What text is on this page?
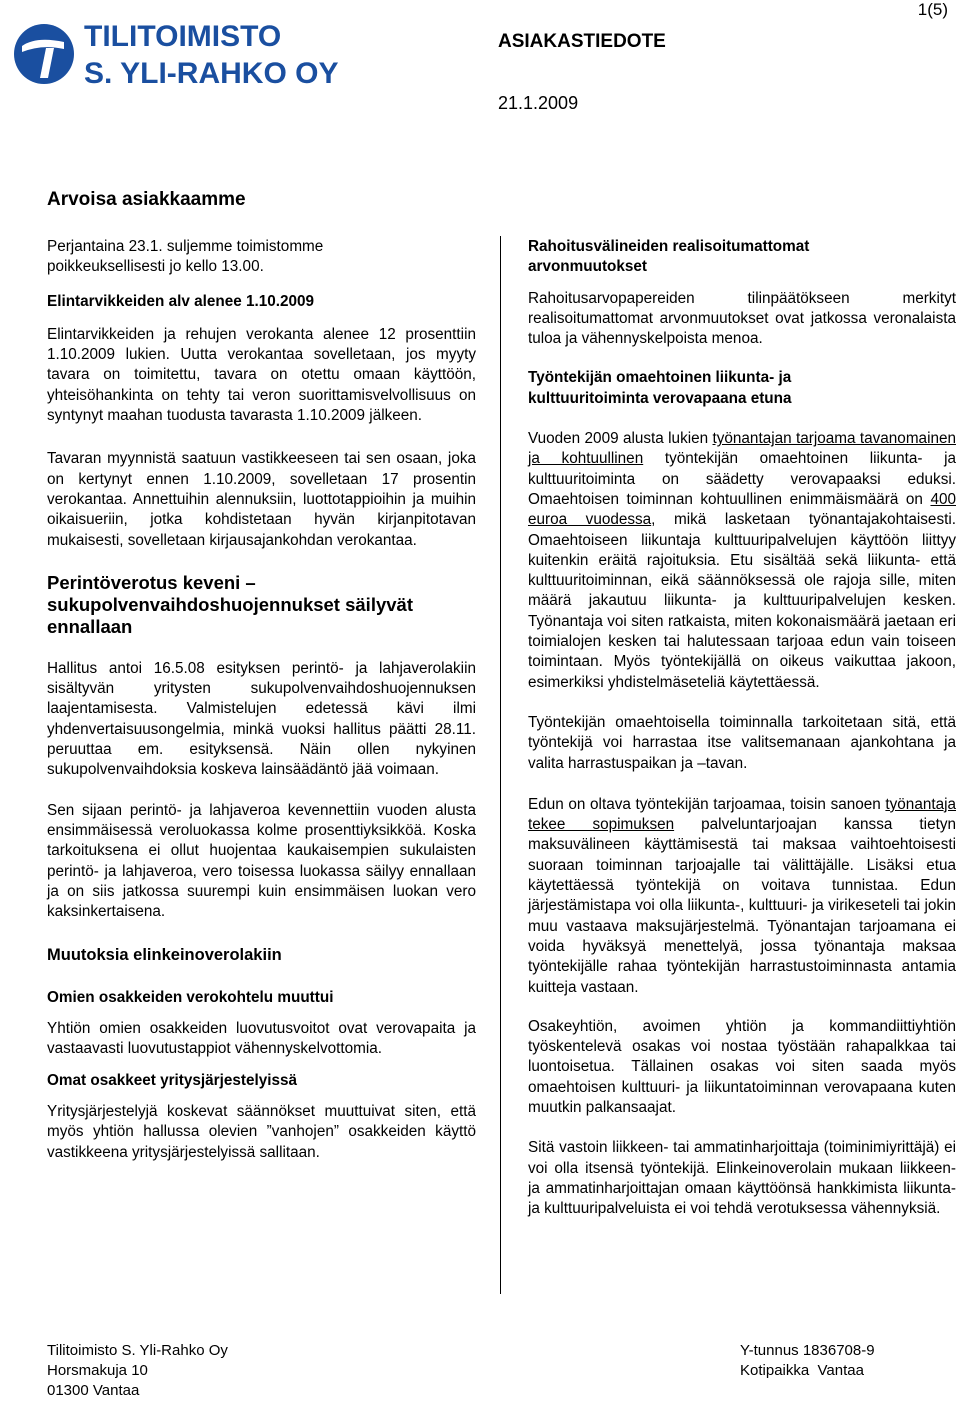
TILITOIMISTO
S. YLI-RAHKO OY
1(5)
ASIAKASTIEDOTE
21.1.2009
Arvoisa asiakkaamme

Perjantaina 23.1. suljemme toimistomme poikkeuksellisesti jo kello 13.00.

Elintarvikkeiden alv alenee 1.10.2009

Elintarvikkeiden ja rehujen verokanta alenee 12 prosenttiin 1.10.2009 lukien. Uutta verokantaa sovelletaan, jos myyty tavara on toimitettu, tavara on otettu omaan käyttöön, yhteisöhankinta on tehty tai veron suorittamisvelvollisuus on syntynyt maahan tuodusta tavarasta 1.10.2009 jälkeen.

Tavaran myynnistä saatuun vastikkeeseen tai sen osaan, joka on kertynyt ennen 1.10.2009, sovelletaan 17 prosentin verokantaa. Annettuihin alennuksiin, luottotappioihin ja muihin oikaisueriin, jotka kohdistetaan hyvän kirjanpitotavan mukaisesti, sovelletaan kirjausajankohdan verokantaa.

Perintöverotus keveni – sukupolvenvaihdoshuojennukset säilyvät ennallaan

Hallitus antoi 16.5.08 esityksen perintö- ja lahjaverolakiin sisältyvän yritysten sukupolvenvaihdoshuojennuksen laajentamisesta. Valmistelujen edetessä kävi ilmi yhdenvertaisuusongelmia, minkä vuoksi hallitus päätti 28.11. peruuttaa em. esityksensä. Näin ollen nykyinen sukupolvenvaihdoksia koskeva lainsäädäntö jää voimaan.

Sen sijaan perintö- ja lahjaveroa kevennettiin vuoden alusta ensimmäisessä veroluokassa kolme prosenttiyksikköä. Koska tarkoituksena ei ollut huojentaa kaukaisempien sukulaisten perintö- ja lahjaveroa, vero toisessa luokassa säilyy ennallaan ja on siis jatkossa suurempi kuin ensimmäisen luokan vero kaksinkertaisena.

Muutoksia elinkeinoverolakiin

Omien osakkeiden verokohtelu muuttui

Yhtiön omien osakkeiden luovutusvoitot ovat verovapaita ja vastaavasti luovutustappiot vähennyskelvottomia.

Omat osakkeet yritysjärjestelyissä

Yritysjärjestelyjä koskevat säännökset muuttuivat siten, että myös yhtiön hallussa olevien ”vanhojen” osakkeiden käyttö vastikkeena yritysjärjestelyissä sallitaan.

Rahoitusvälineiden realisoitumattomat arvonmuutokset

Rahoitusarvopapereiden tilinpäätökseen merkityt realisoitumattomat arvonmuutokset ovat jatkossa veronalaista tuloa ja vähennyskelpoista menoa.

Työntekijän omaehtoinen liikunta- ja kulttuuritoiminta verovapaana etuna

Vuoden 2009 alusta lukien työnantajan tarjoama tavanomainen ja kohtuullinen työntekijän omaehtoinen liikunta- ja kulttuuritoiminta on säädetty verovapaaksi eduksi. Omaehtoisen toiminnan kohtuullinen enimmäismäärä on 400 euroa vuodessa, mikä lasketaan työnantajakohtaisesti. Omaehtoiseen liikuntaja kulttuuripalvelujen käyttöön liittyy kuitenkin eräitä rajoituksia. Etu sisältää sekä liikunta- että kulttuuritoiminnan, eikä säännöksessä ole rajoja sille, miten määrä jakautuu liikunta- ja kulttuuripalvelujen kesken. Työnantaja voi siten ratkaista, miten kokonaismäärä jaetaan eri toimialojen kesken tai halutessaan tarjoaa edun vain toiseen toimintaan. Myös työntekijällä on oikeus vaikuttaa jakoon, esimerkiksi yhdistelmäseteliä käytettäessä.

Työntekijän omaehtoisella toiminnalla tarkoitetaan sitä, että työntekijä voi harrastaa itse valitsemanaan ajankohtana ja valita harrastuspaikan ja –tavan.

Edun on oltava työntekijän tarjoamaa, toisin sanoen työnantaja tekee sopimuksen palveluntarjoajan kanssa tietyn maksuvälineen käyttämisestä tai maksaa vaihtoehtoisesti suoraan toiminnan tarjoajalle tai välittäjälle. Lisäksi etua käytettäessä työntekijä on voitava tunnistaa. Edun järjestämistapa voi olla liikunta-, kulttuuri- ja virikeseteli tai jokin muu vastaava maksujärjestelmä. Työnantajan tarjoamana ei voida hyväksyä menettelyä, jossa työnantaja maksaa työntekijälle rahaa työntekijän harrastustoiminnasta antamia kuitteja vastaan.

Osakeyhtiön, avoimen yhtiön ja kommandiittiyhtiön työskentelevä osakas voi nostaa työstään rahapalkkaa tai luontoisetua. Tällainen osakas voi siten saada myös omaehtoisen kulttuuri- ja liikuntatoiminnan verovapaana kuten muutkin palkansaajat.

Sitä vastoin liikkeen- tai ammatinharjoittaja (toiminimiyrittäjä) ei voi olla itsensä työntekijä. Elinkeinoverolain mukaan liikkeen- ja ammatinharjoittajan omaan käyttöönsä hankkimista liikunta- ja kulttuuripalveluista ei voi tehdä verotuksessa vähennyksiä.

Tilitoimisto S. Yli-Rahko Oy
Horsmakuja 10
01300 Vantaa
Y-tunnus 1836708-9
Kotipaikka  Vantaa
